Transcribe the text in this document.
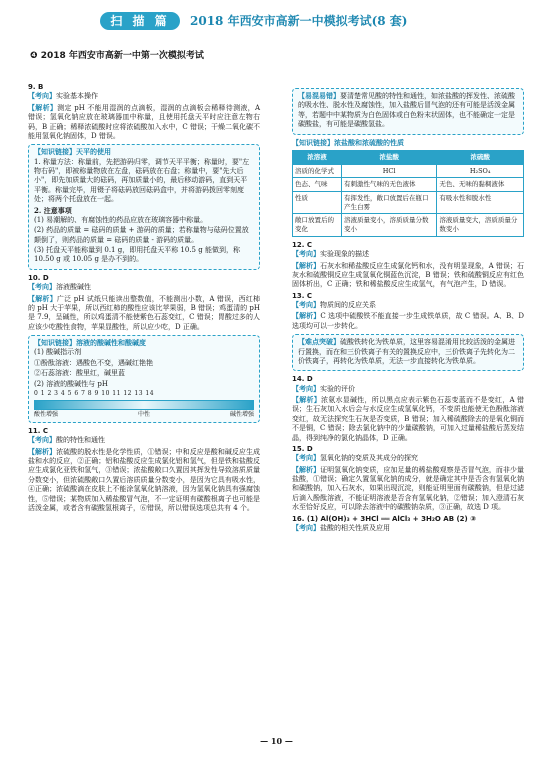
扫 描 篇	2018 年西安市高新一中模拟考试(8 套)
❹ 2018 年西安市高新一中第一次模拟考试
9. B

【考向】实验基本操作

【解析】测定 pH 不能用湿润的点滴板，湿润的点滴板会稀释待测液，A 错误；氢氧化钠应放在玻璃器皿中称量，且使用托盘天平时应注意左物右码，B 正确；稀释浓硫酸时应将浓硫酸加入水中，C 错误；干燥二氧化碳不能用氢氧化钠固体，D 错误。

【知识链接】天平的使用

1. 称量方法：称量前，先把游码归零，调节天平平衡；称量时，要"左物右码"，即被称量物放在左盘，砝码放在右盘；称量中，要"先大后小"，即先加质量大的砝码，再加质量小的，最后移动游码，直到天平平衡。称量完毕，用镊子将砝码放回砝码盒中，并将游码拨回零刻度处；将两个托盘放在一起。

2. 注意事项

(1) 易潮解的、有腐蚀性的药品应放在玻璃容器中称量。

(2) 药品的质量 = 砝码的质量 + 游码的质量；若称量物与砝码位置放颠倒了，则药品的质量 = 砝码的质量 - 游码的质量。

(3) 托盘天平能称量到 0.1 g，即用托盘天平称 10.5 g 能做到，称 10.50 g 或 10.05 g 是办不到的。

10. D

【考向】溶液酸碱性

【解析】广泛 pH 试纸只能读出整数值，不能测出小数，A 错误，西红柿的 pH 大于苹果，所以西红柿的酸性应该比苹果弱，B 错误；鸡蛋清的 pH 是 7.9，呈碱性，所以鸡蛋清不能使紫色石蕊变红，C 错误；胃酸过多的人应该少吃酸性食物，苹果显酸性，所以应少吃，D 正确。

【知识链接】溶液的酸碱性和酸碱度

(1) 酸碱指示剂

①酚酞溶液：遇酸色不变，遇碱红艳艳

②石蕊溶液：酸里红，碱里蓝

(2) 溶液的酸碱性与 pH

0 1 2 3 4 5 6 7 8 9 10 11 12 13 14
酸性增强	中性	碱性增强
11. C

【考向】酸的特性和通性

【解析】浓硫酸的脱水性是化学性质，①错误；中和反应是酸和碱反应生成盐和水的反应，②正确；铝和盐酸反应生成氯化铝和氢气，但是铁和盐酸反应生成氯化亚铁和氢气，③错误；浓盐酸敞口久置因其挥发性导致溶质质量分数变小，但浓硫酸敞口久置后溶质质量分数变小，是因为它具有吸水性，④正确；浓硫酸滴在皮肤上不能涂氢氧化钠溶液，因为氢氧化钠具有强腐蚀性，⑤错误；某物质加入稀盐酸冒气泡，不一定证明有碳酸根离子也可能是活泼金属，或者含有碳酸氢根离子，⑥错误，所以错误选项总共有 4 个。

【易混易错】要清楚常见酸的特性和通性，如浓盐酸的挥发性、浓硫酸的吸水性、脱水性及腐蚀性，加入盐酸后冒气泡的还有可能是活泼金属等，若题中中某物质为白色固体或白色粉末状固体，也不能确定一定是碳酸盐，有可能是碳酸氢盐。

【知识链接】浓盐酸和浓硫酸的性质
浓溶液	浓盐酸	浓硫酸
溶质的化学式	HCl	H₂SO₄
色态、气味	有刺激性气味的无色液体	无色、无味的黏稠液体
性质	有挥发性，敞口放置后在瓶口产生白雾	有吸水性和脱水性
敞口放置后的变化	溶液质量变小，溶质质量分数变小	溶液质量变大，溶质质量分数变小
12. C

【考向】实验现象的描述

【解析】石灰水和稀盐酸反应生成氯化钙和水，没有明显现象，A 错误；石灰水和硫酸铜反应生成氢氧化铜蓝色沉淀，B 错误；铁和硫酸铜反应有红色固体析出，C 正确；铁和稀盐酸反应生成氢气，有气泡产生，D 错误。

13. C

【考向】物质间的反应关系

【解析】C 选项中硫酸铁不能直接一步生成铁单质，故 C 错误。A、B、D 选项均可以一步转化。

【难点突破】硫酸铁转化为铁单质，这里容易混淆用比较活泼的金属进行置换，而在和三价铁离子有关的置换反应中，三价铁离子先转化为二价铁离子，再转化为铁单质，无法一步直接转化为铁单质。

14. D

【考向】实验的评价

【解析】浓氨水显碱性，所以黑点应表示紫色石蕊变蓝而不是变红，A 错误；生石灰加入水后会与水反应生成氢氧化钙，不变质也能使无色酚酞溶液变红，故无法探究生石灰是否变质，B 错误；加入稀硫酸除去的是氧化铜而不是铜，C 错误；除去氯化钠中的少量碳酸钠，可加入过量稀盐酸后蒸发结晶，得到纯净的氯化钠晶体，D 正确。

15. D

【考向】氢氧化钠的变质及其成分的探究

【解析】证明氢氧化钠变质，应加足量的稀盐酸观察是否冒气泡，而非少量盐酸，①错误；确定久置氢氧化钠的成分，就是确定其中是否含有氢氧化钠和碳酸钠，加入石灰水，如果出现沉淀，则能证明里面有碳酸钠，但是过滤后滴入酚酞溶液，不能证明溶液是否含有氢氧化钠，②错误；加入澄清石灰水至恰好反应，可以除去溶液中的碳酸钠杂质，③正确，故选 D 项。

16. (1) Al(OH)₃ + 3HCl ══ AlCl₃ + 3H₂O AB (2) ③

【考向】盐酸的相关性质及应用

— 10 —
